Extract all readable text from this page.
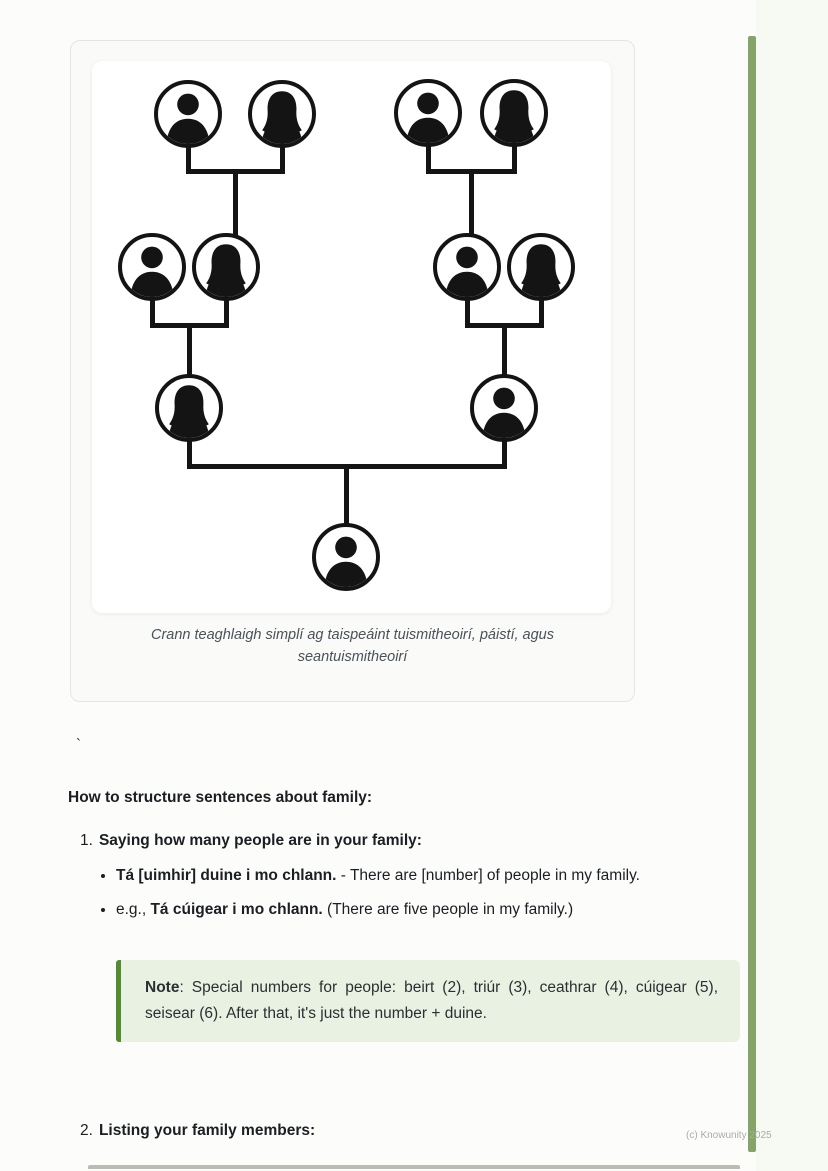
Crann teaghlaigh simplí ag taispeáint tuismitheoirí, páistí, agus seantuismitheoirí
`
How to structure sentences about family:
1. Saying how many people are in your family:
• Tá [uimhir] duine i mo chlann. - There are [number] of people in my family.
• e.g., Tá cúigear i mo chlann. (There are five people in my family.)

Note: Special numbers for people: beirt (2), triúr (3), ceathrar (4), cúigear (5), seisear (6). After that, it's just the number + duine.

2. Listing your family members:	(c) Knowunity 2025
